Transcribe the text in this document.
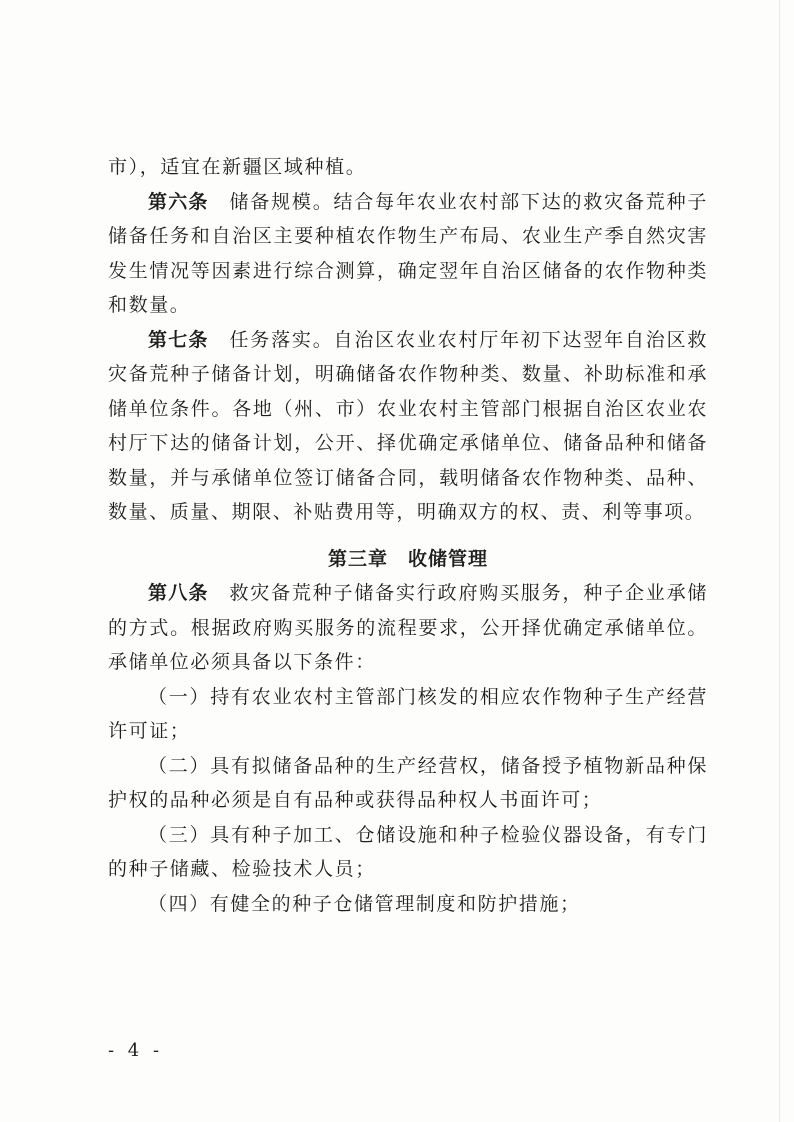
市），适宜在新疆区域种植。

第六条　 储备规模。结合每年农业农村部下达的救灾备荒种子储备任务和自治区主要种植农作物生产布局、农业生产季自然灾害发生情况等因素进行综合测算，确定翌年自治区储备的农作物种类和数量。

第七条　 任务落实。自治区农业农村厅年初下达翌年自治区救灾备荒种子储备计划，明确储备农作物种类、数量、补助标准和承储单位条件。各地（州、市）农业农村主管部门根据自治区农业农村厅下达的储备计划，公开、择优确定承储单位、储备品种和储备数量，并与承储单位签订储备合同，载明储备农作物种类、品种、数量、质量、期限、补贴费用等，明确双方的权、责、利等事项。

第三章　收储管理

第八条　 救灾备荒种子储备实行政府购买服务，种子企业承储的方式。根据政府购买服务的流程要求，公开择优确定承储单位。承储单位必须具备以下条件：

（一）持有农业农村主管部门核发的相应农作物种子生产经营许可证；

（二）具有拟储备品种的生产经营权，储备授予植物新品种保护权的品种必须是自有品种或获得品种权人书面许可；

（三）具有种子加工、仓储设施和种子检验仪器设备，有专门的种子储藏、检验技术人员；

（四）有健全的种子仓储管理制度和防护措施；

- 4 -
